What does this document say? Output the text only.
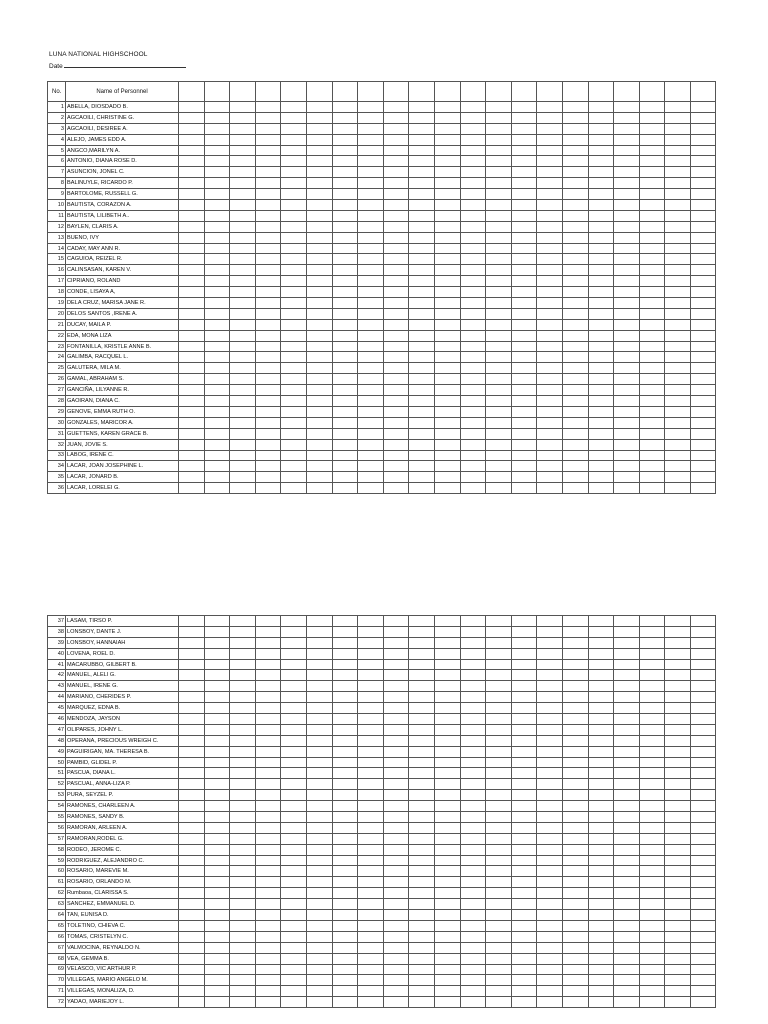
LUNA NATIONAL HIGHSCHOOL
Date
No.	Name of Personnel																					
1	ABELLA, DIOSDADO B.																					
2	AGCAOILI, CHRISTINE G.																					
3	AGCAOILI, DESIREE A.																					
4	ALEJO, JAMES EDD A.																					
5	ANGCO,MARILYN A.																					
6	ANTONIO, DIANA ROSE D.																					
7	ASUNCION, JONEL C.																					
8	BALINUYLE, RICARDO P.																					
9	BARTOLOME, RUSSELL G.																					
10	BAUTISTA, CORAZON A.																					
11	BAUTISTA, LILIBETH A..																					
12	BAYLEN, CLARIS A.																					
13	BUENO, IVY																					
14	CADAY, MAY ANN R.																					
15	CAGUIOA, REIZEL R.																					
16	CALINSASAN, KAREN V.																					
17	CIPRIANO, ROLAND																					
18	CONDE, LISAYA A,																					
19	DELA CRUZ, MARISA JANE R.																					
20	DELOS SANTOS ,IRENE A.																					
21	DUCAY, MAILA P.																					
22	EDA, MONA LIZA																					
23	FONTANILLA, KRISTLE ANNE B.																					
24	GALIMBA, RACQUEL L.																					
25	GALUTERA, MILA M.																					
26	GAMAL, ABRAHAM S.																					
27	GANCIÑA, LILYANNE R.																					
28	GAOIRAN, DIANA C.																					
29	GENOVE, EMMA RUTH O.																					
30	GONZALES, MARICOR A.																					
31	GUETTENS, KAREN GRACE B.																					
32	JUAN, JOVIE S.																					
33	LABOG, IRENE C.																					
34	LACAR, JOAN JOSEPHINE L.																					
35	LACAR, JONARD B.																					
36	LACAR, LORELEI G.																					
37	LASAM, TIRSO P.																					
38	LONSBOY, DANTE J.																					
39	LONSBOY, HANNAIAH																					
40	LOVENA, ROEL D.																					
41	MACARUBBO, GILBERT B.																					
42	MANUEL, ALELI G.																					
43	MANUEL, IRENE G.																					
44	MARIANO, CHERIDES P.																					
45	MARQUEZ, EDNA B.																					
46	MENDOZA, JAYSON																					
47	OLIPARES, JOHNY L.																					
48	OPERANA, PRECIOUS WREIGH C.																					
49	PAGUIRIGAN, MA. THERESA B.																					
50	PAMBID, GLIDEL P.																					
51	PASCUA, DIANA L.																					
52	PASCUAL, ANNA-LIZA P.																					
53	PURA, SEYZEL P.																					
54	RAMONES, CHARLEEN A.																					
55	RAMONES, SANDY B.																					
56	RAMORAN, ARLEEN A.																					
57	RAMORAN,RODEL G.																					
58	RODEO, JEROME C.																					
59	RODRIGUEZ, ALEJANDRO C.																					
60	ROSARIO, MAREVIE M.																					
61	ROSARIO, ORLANDO M.																					
62	Rumbaoa, CLARISSA S.																					
63	SANCHEZ, EMMANUEL D.																					
64	TAN, EUNISA D.																					
65	TOLETINO, CHIEVA C.																					
66	TOMAS, CRISTELYN C.																					
67	VALMOCINA, REYNALDO N.																					
68	VEA, GEMMA B.																					
69	VELASCO, VIC ARTHUR P.																					
70	VILLEGAS, MARIO ANGELO M.																					
71	VILLEGAS, MONALIZA, D.																					
72	YADAO, MARIEJOY L.																					
